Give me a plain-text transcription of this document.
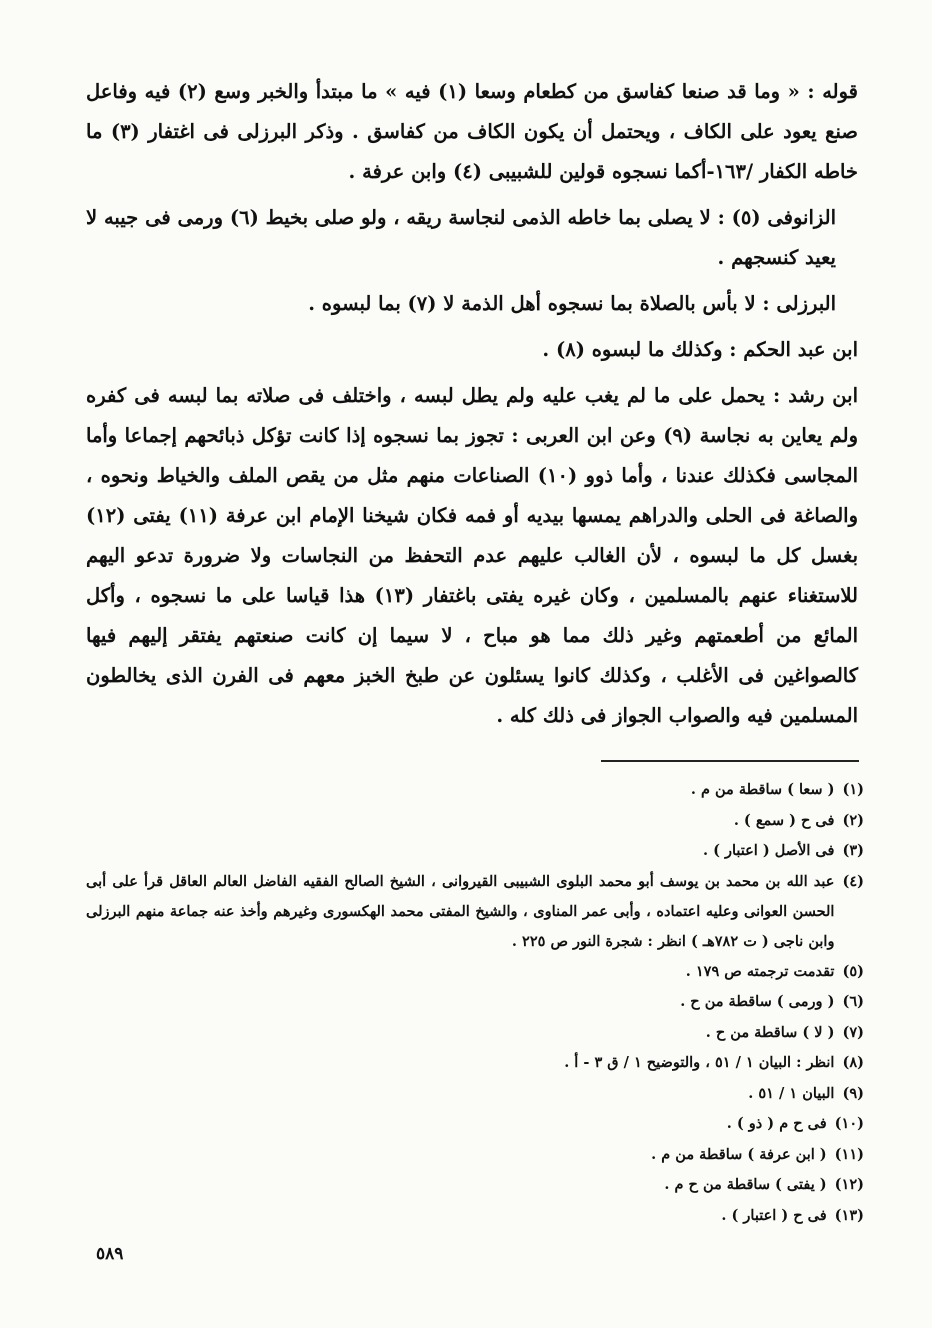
قوله : « وما قد صنعا كفاسق من كطعام وسعا (١) فيه » ما مبتدأ والخبر وسع (٢) فيه وفاعل صنع يعود على الكاف ، ويحتمل أن يكون الكاف من كفاسق . وذكر البرزلى فى اغتفار (٣) ما خاطه الكفار /١٦٣-أكما نسجوه قولين للشبيبى (٤) وابن عرفة .

الزانوفى (٥) : لا يصلى بما خاطه الذمى لنجاسة ريقه ، ولو صلى بخيط (٦) ورمى فى جيبه لا يعيد كنسجهم .

البرزلى : لا بأس بالصلاة بما نسجوه أهل الذمة لا (٧) بما لبسوه .

ابن عبد الحكم : وكذلك ما لبسوه (٨) .

ابن رشد : يحمل على ما لم يغب عليه ولم يطل لبسه ، واختلف فى صلاته بما لبسه فى كفره ولم يعاين به نجاسة (٩) وعن ابن العربى : تجوز بما نسجوه إذا كانت تؤكل ذبائحهم إجماعا وأما المجاسى فكذلك عندنا ، وأما ذوو (١٠) الصناعات منهم مثل من يقص الملف والخياط ونحوه ، والصاغة فى الحلى والدراهم يمسها بيديه أو فمه فكان شيخنا الإمام ابن عرفة (١١) يفتى (١٢) بغسل كل ما لبسوه ، لأن الغالب عليهم عدم التحفظ من النجاسات ولا ضرورة تدعو اليهم للاستغناء عنهم بالمسلمين ، وكان غيره يفتى باغتفار (١٣) هذا قياسا على ما نسجوه ، وأكل المائع من أطعمتهم وغير ذلك مما هو مباح ، لا سيما إن كانت صنعتهم يفتقر إليهم فيها كالصواغين فى الأغلب ، وكذلك كانوا يسئلون عن طبخ الخبز معهم فى الفرن الذى يخالطون المسلمين فيه والصواب الجواز فى ذلك كله .

(١)
( سعا ) ساقطة من م .
(٢)
فى ح ( سمع ) .
(٣)
فى الأصل ( اعتبار ) .
(٤)
عبد الله بن محمد بن يوسف أبو محمد البلوى الشبيبى القيروانى ، الشيخ الصالح الفقيه الفاضل العالم العاقل قرأ على أبى الحسن العوانى وعليه اعتماده ، وأبى عمر المناوى ، والشيخ المفتى محمد الهكسورى وغيرهم وأخذ عنه جماعة منهم البرزلى وابن ناجى ( ت ٧٨٢هـ ) انظر : شجرة النور ص ٢٢٥ .
(٥)
تقدمت ترجمته ص ١٧٩ .
(٦)
( ورمى ) ساقطة من ح .
(٧)
( لا ) ساقطة من ح .
(٨)
انظر : البيان ١ / ٥١ ، والتوضيح ١ / ق ٣ - أ .
(٩)
البيان ١ / ٥١ .
(١٠)
فى ح م ( ذو ) .
(١١)
( ابن عرفة ) ساقطة من م .
(١٢)
( يفتى ) ساقطة من ح م .
(١٣)
فى ح ( اعتبار ) .
٥٨٩
